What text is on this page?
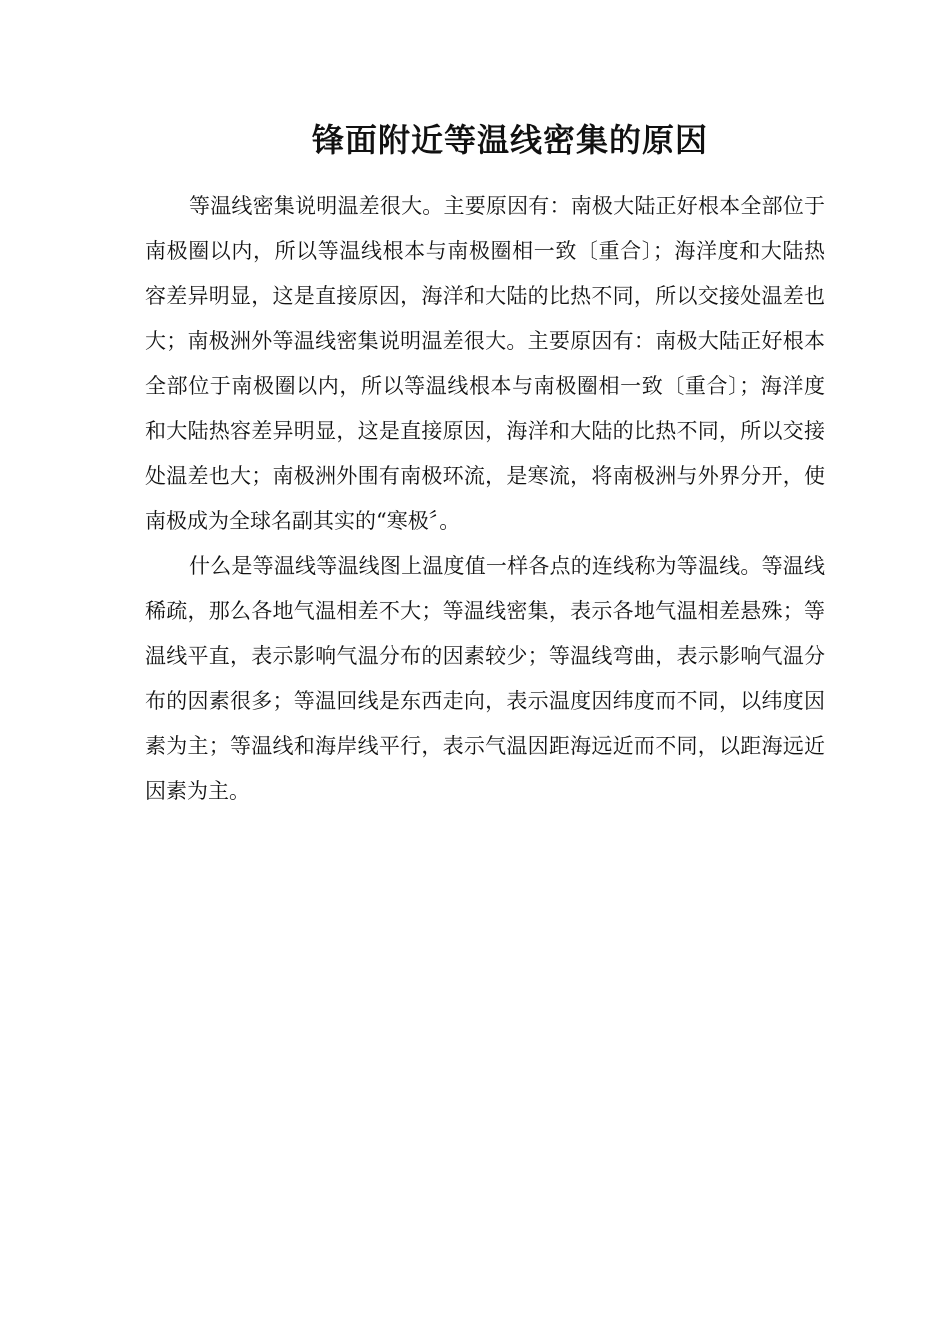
锋面附近等温线密集的原因

等温线密集说明温差很大。主要原因有：南极大陆正好根本全部位于南极圈以内，所以等温线根本与南极圈相一致〔重合〕；海洋度和大陆热容差异明显，这是直接原因，海洋和大陆的比热不同，所以交接处温差也大；南极洲外等温线密集说明温差很大。主要原因有：南极大陆正好根本全部位于南极圈以内，所以等温线根本与南极圈相一致〔重合〕；海洋度和大陆热容差异明显，这是直接原因，海洋和大陆的比热不同，所以交接处温差也大；南极洲外围有南极环流，是寒流，将南极洲与外界分开，使南极成为全球名副其实的“寒极〞。

什么是等温线等温线图上温度值一样各点的连线称为等温线。等温线稀疏，那么各地气温相差不大；等温线密集，表示各地气温相差悬殊；等温线平直，表示影响气温分布的因素较少；等温线弯曲，表示影响气温分布的因素很多；等温回线是东西走向，表示温度因纬度而不同，以纬度因素为主；等温线和海岸线平行，表示气温因距海远近而不同，以距海远近因素为主。
